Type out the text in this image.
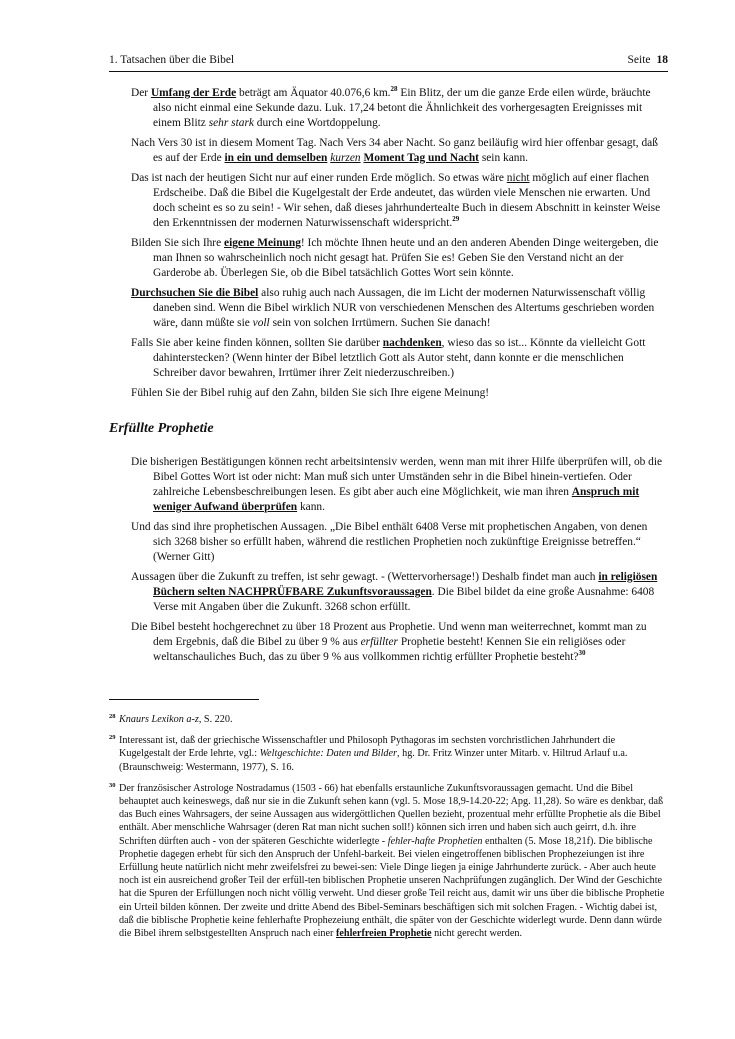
1. Tatsachen über die Bibel	Seite 18

Der Umfang der Erde beträgt am Äquator 40.076,6 km.$^{28}$ Ein Blitz, der um die ganze Erde eilen würde, bräuchte also nicht einmal eine Sekunde dazu. Luk. 17,24 betont die Ähnlichkeit des vorhergesagten Ereignisses mit einem Blitz sehr stark durch eine Wortdoppelung.

Nach Vers 30 ist in diesem Moment Tag. Nach Vers 34 aber Nacht. So ganz beiläufig wird hier offenbar gesagt, daß es auf der Erde in ein und demselben kurzen Moment Tag und Nacht sein kann.

Das ist nach der heutigen Sicht nur auf einer runden Erde möglich. So etwas wäre nicht möglich auf einer flachen Erdscheibe. Daß die Bibel die Kugelgestalt der Erde andeutet, das würden viele Menschen nie erwarten. Und doch scheint es so zu sein! - Wir sehen, daß dieses jahrhundertealte Buch in diesem Abschnitt in keinster Weise den Erkenntnissen der modernen Naturwissenschaft widerspricht.$^{29}$

Bilden Sie sich Ihre eigene Meinung! Ich möchte Ihnen heute und an den anderen Abenden Dinge weitergeben, die man Ihnen so wahrscheinlich noch nicht gesagt hat. Prüfen Sie es! Geben Sie den Verstand nicht an der Garderobe ab. Überlegen Sie, ob die Bibel tatsächlich Gottes Wort sein könnte.

Durchsuchen Sie die Bibel also ruhig auch nach Aussagen, die im Licht der modernen Naturwissenschaft völlig daneben sind. Wenn die Bibel wirklich NUR von verschiedenen Menschen des Altertums geschrieben worden wäre, dann müßte sie voll sein von solchen Irrtümern. Suchen Sie danach!

Falls Sie aber keine finden können, sollten Sie darüber nachdenken, wieso das so ist... Könnte da vielleicht Gott dahinterstecken? (Wenn hinter der Bibel letztlich Gott als Autor steht, dann konnte er die menschlichen Schreiber davor bewahren, Irrtümer ihrer Zeit niederzuschreiben.)

Fühlen Sie der Bibel ruhig auf den Zahn, bilden Sie sich Ihre eigene Meinung!

Erfüllte Prophetie

Die bisherigen Bestätigungen können recht arbeitsintensiv werden, wenn man mit ihrer Hilfe überprüfen will, ob die Bibel Gottes Wort ist oder nicht: Man muß sich unter Umständen sehr in die Bibel hinein-vertiefen. Oder zahlreiche Lebensbeschreibungen lesen. Es gibt aber auch eine Möglichkeit, wie man ihren Anspruch mit weniger Aufwand überprüfen kann.

Und das sind ihre prophetischen Aussagen. „Die Bibel enthält 6408 Verse mit prophetischen Angaben, von denen sich 3268 bisher so erfüllt haben, während die restlichen Prophetien noch zukünftige Ereignisse betreffen.“ (Werner Gitt)

Aussagen über die Zukunft zu treffen, ist sehr gewagt. - (Wettervorhersage!) Deshalb findet man auch in religiösen Büchern selten NACHPRÜFBARE Zukunftsvoraussagen. Die Bibel bildet da eine große Ausnahme: 6408 Verse mit Angaben über die Zukunft. 3268 schon erfüllt.

Die Bibel besteht hochgerechnet zu über 18 Prozent aus Prophetie. Und wenn man weiterrechnet, kommt man zu dem Ergebnis, daß die Bibel zu über 9 % aus erfüllter Prophetie besteht! Kennen Sie ein religiöses oder weltanschauliches Buch, das zu über 9 % aus vollkommen richtig erfüllter Prophetie besteht?$^{30}$

28 Knaurs Lexikon a-z, S. 220.
29 Interessant ist, daß der griechische Wissenschaftler und Philosoph Pythagoras im sechsten vorchristlichen Jahrhundert die Kugelgestalt der Erde lehrte, vgl.: Weltgeschichte: Daten und Bilder, hg. Dr. Fritz Winzer unter Mitarb. v. Hiltrud Arlauf u.a. (Braunschweig: Westermann, 1977), S. 16.
30 Der französischer Astrologe Nostradamus (1503 - 66) hat ebenfalls erstaunliche Zukunftsvoraussagen gemacht. Und die Bibel behauptet auch keineswegs, daß nur sie in die Zukunft sehen kann (vgl. 5. Mose 18,9-14.20-22; Apg. 11,28). So wäre es denkbar, daß das Buch eines Wahrsagers, der seine Aussagen aus widergöttlichen Quellen bezieht, prozentual mehr erfüllte Prophetie als die Bibel enthält. Aber menschliche Wahrsager (deren Rat man nicht suchen soll!) können sich irren und haben sich auch geirrt, d.h. ihre Schriften dürften auch - von der späteren Geschichte widerlegte - fehler-hafte Prophetien enthalten (5. Mose 18,21f). Die biblische Prophetie dagegen erhebt für sich den Anspruch der Unfehl-barkeit. Bei vielen eingetroffenen biblischen Prophezeiungen ist ihre Erfüllung heute natürlich nicht mehr zweifelsfrei zu bewei-sen: Viele Dinge liegen ja einige Jahrhunderte zurück. - Aber auch heute noch ist ein ausreichend großer Teil der erfüll-ten biblischen Prophetie unseren Nachprüfungen zugänglich. Der Wind der Geschichte hat die Spuren der Erfüllungen noch nicht völlig verweht. Und dieser große Teil reicht aus, damit wir uns über die biblische Prophetie ein Urteil bilden können. Der zweite und dritte Abend des Bibel-Seminars beschäftigen sich mit solchen Fragen. - Wichtig dabei ist, daß die biblische Prophetie keine fehlerhafte Prophezeiung enthält, die später von der Geschichte widerlegt wurde. Denn dann würde die Bibel ihrem selbstgestellten Anspruch nach einer fehlerfreien Prophetie nicht gerecht werden.
